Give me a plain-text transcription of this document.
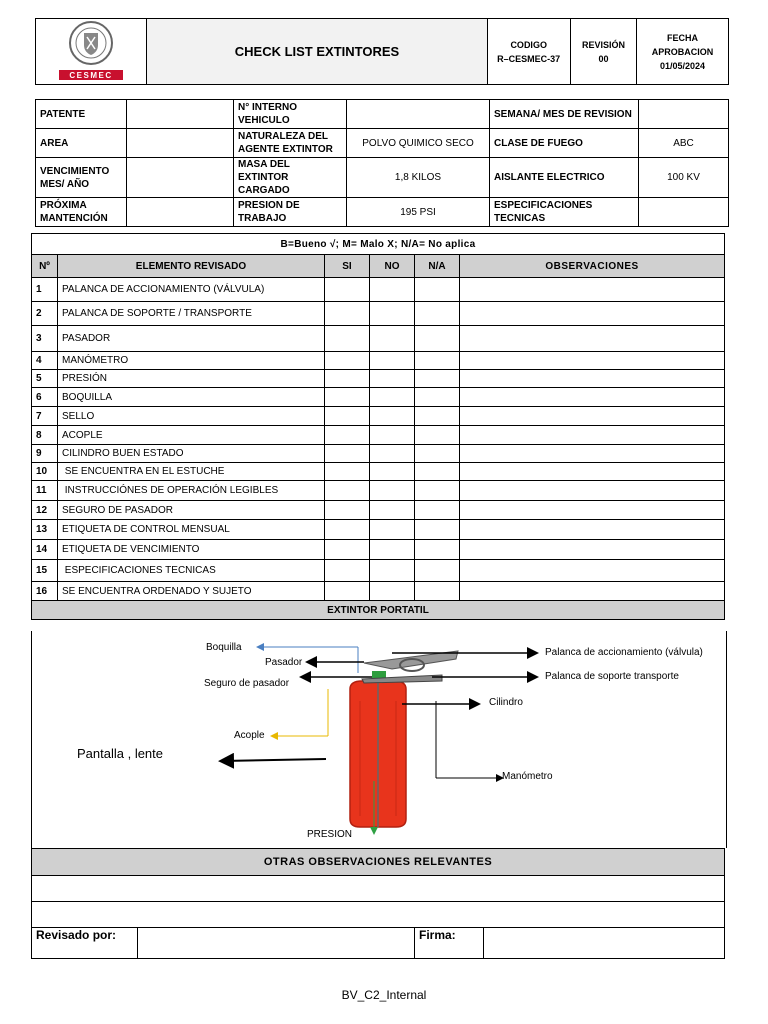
CESMEC
	CHECK LIST EXTINTORES	CODIGO
R–CESMEC-37

REVISIÓN
00

FECHA APROBACION
01/05/2024
PATENTE		N° INTERNO VEHICULO		SEMANA/ MES DE REVISION	
AREA		NATURALEZA DEL AGENTE EXTINTOR	POLVO QUIMICO SECO	CLASE DE FUEGO	ABC
VENCIMIENTO MES/ AÑO		MASA DEL EXTINTOR CARGADO	1,8 KILOS	AISLANTE ELECTRICO	100 KV
PRÓXIMA MANTENCIÓN		PRESION DE TRABAJO	195 PSI	ESPECIFICACIONES TECNICAS	
B=Bueno √; M= Malo X; N/A= No aplica					
Nº	ELEMENTO REVISADO	SI	NO	N/A	OBSERVACIONES
1	PALANCA DE ACCIONAMIENTO (VÁLVULA)				
2	PALANCA DE SOPORTE / TRANSPORTE				
3	PASADOR				
4	MANÓMETRO				
5	PRESIÓN				
6	BOQUILLA				
7	SELLO				
8	ACOPLE				
9	CILINDRO BUEN ESTADO				
10	SE ENCUENTRA EN EL ESTUCHE				
11	INSTRUCCIÓNES DE OPERACIÓN LEGIBLES				
12	SEGURO DE PASADOR				
13	ETIQUETA DE CONTROL MENSUAL				
14	ETIQUETA DE VENCIMIENTO				
15	ESPECIFICACIONES TECNICAS				
16	SE ENCUENTRA ORDENADO Y SUJETO				
EXTINTOR PORTATIL					
Boquilla
Pasador
Seguro de pasador
Acople
Pantalla , lente
PRESION
Palanca de accionamiento (válvula)
Palanca de soporte transporte
Cilindro
Manómetro
OTRAS OBSERVACIONES RELEVANTES

Revisado por:		Firma:	
BV_C2_Internal
